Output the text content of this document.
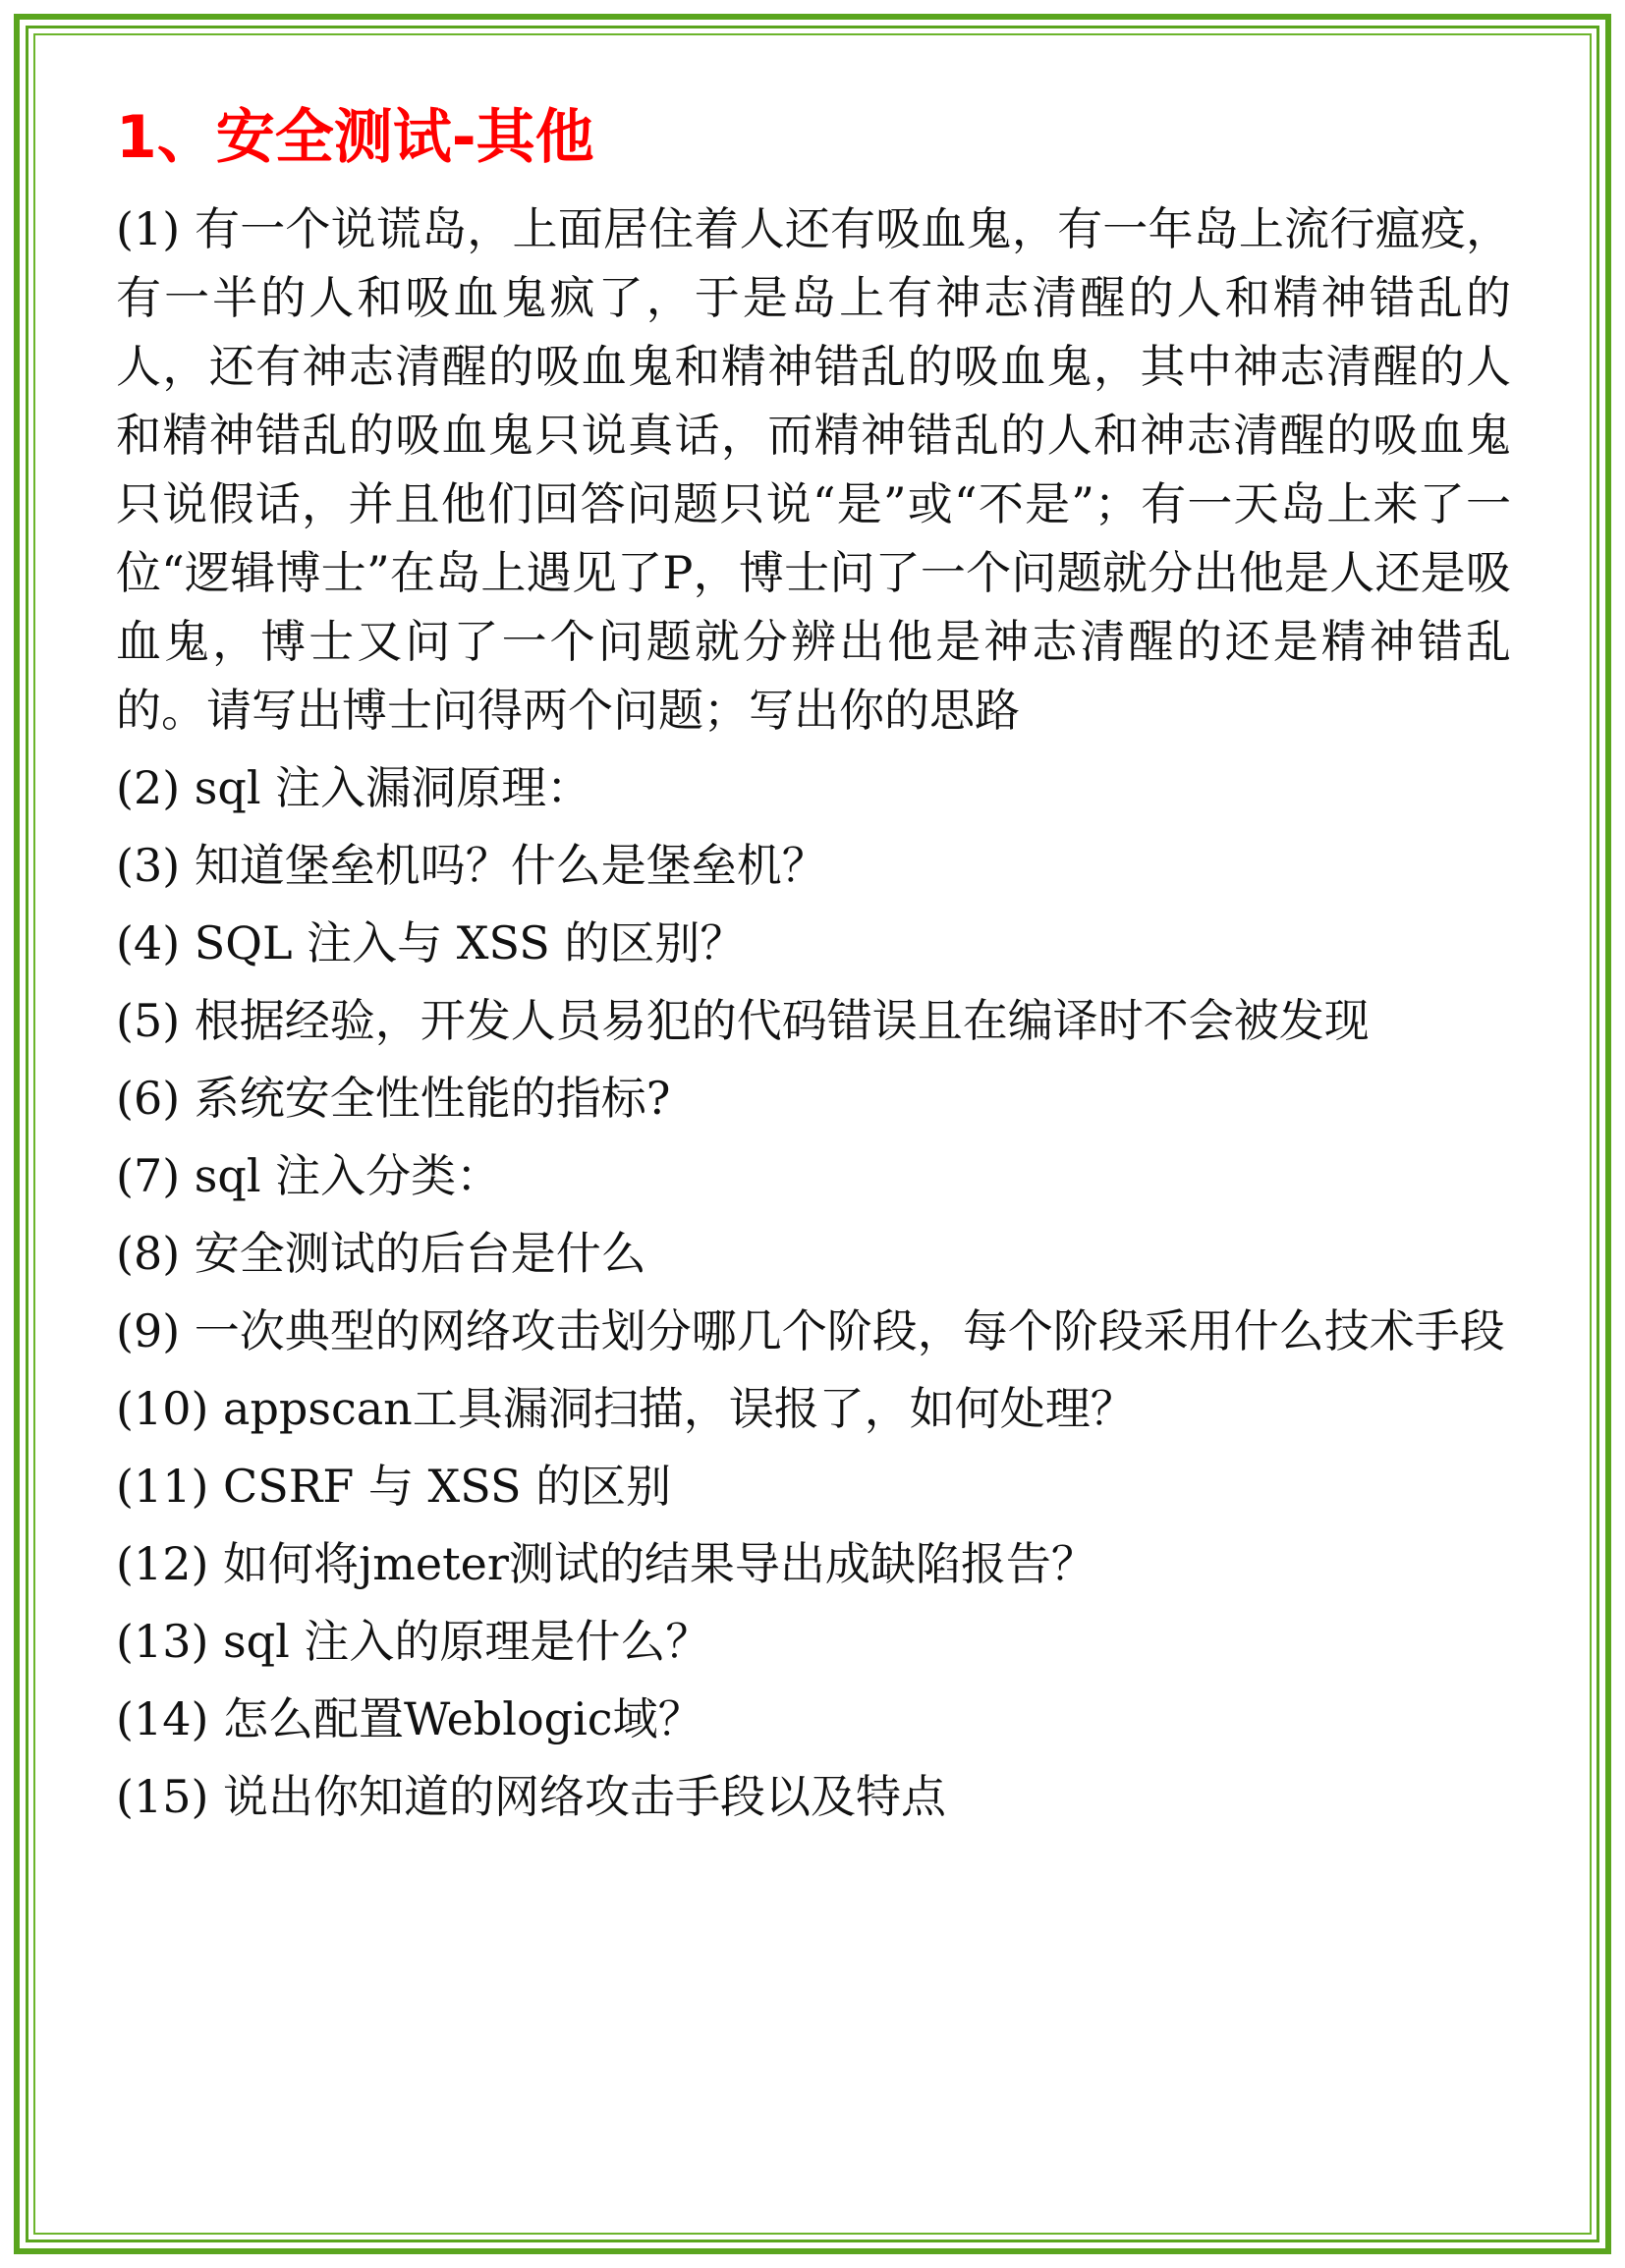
1、安全测试-其他

(1) 有一个说谎岛，上面居住着人还有吸血鬼，有一年岛上流行瘟疫，有一半的人和吸血鬼疯了，于是岛上有神志清醒的人和精神错乱的人，还有神志清醒的吸血鬼和精神错乱的吸血鬼，其中神志清醒的人和精神错乱的吸血鬼只说真话，而精神错乱的人和神志清醒的吸血鬼只说假话，并且他们回答问题只说“是”或“不是”；有一天岛上来了一位“逻辑博士”在岛上遇见了P，博士问了一个问题就分出他是人还是吸血鬼，博士又问了一个问题就分辨出他是神志清醒的还是精神错乱的。请写出博士问得两个问题；写出你的思路

(2) sql 注入漏洞原理：

(3) 知道堡垒机吗？什么是堡垒机？

(4) SQL 注入与 XSS 的区别？

(5) 根据经验，开发人员易犯的代码错误且在编译时不会被发现

(6) 系统安全性性能的指标?

(7) sql 注入分类：

(8) 安全测试的后台是什么

(9) 一次典型的网络攻击划分哪几个阶段，每个阶段采用什么技术手段

(10) appscan工具漏洞扫描，误报了，如何处理？

(11) CSRF 与 XSS 的区别

(12) 如何将jmeter测试的结果导出成缺陷报告？

(13) sql 注入的原理是什么？

(14) 怎么配置Weblogic域？

(15) 说出你知道的网络攻击手段以及特点
